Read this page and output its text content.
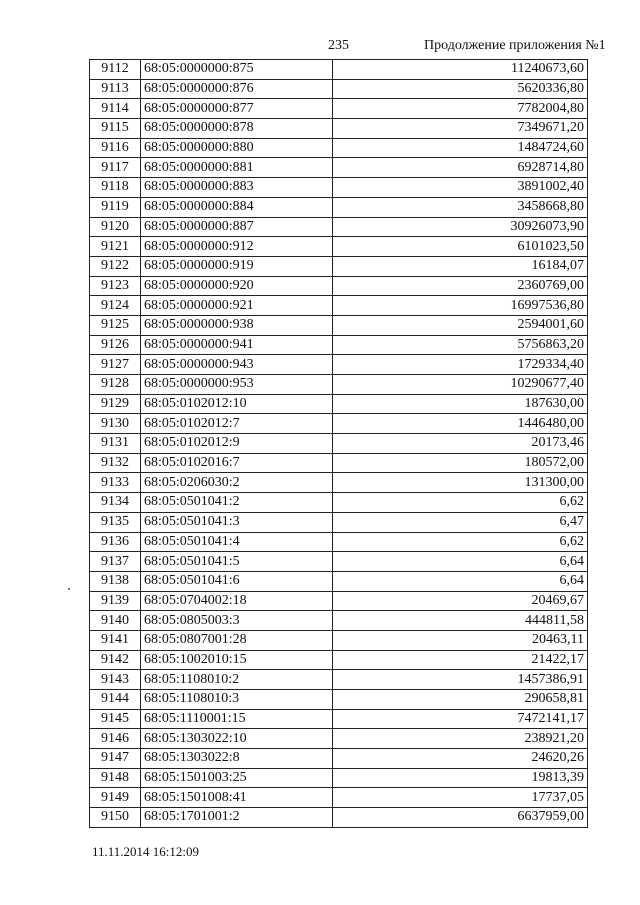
235	Продолжение приложения №1
9112	68:05:0000000:875	11240673,60
9113	68:05:0000000:876	5620336,80
9114	68:05:0000000:877	7782004,80
9115	68:05:0000000:878	7349671,20
9116	68:05:0000000:880	1484724,60
9117	68:05:0000000:881	6928714,80
9118	68:05:0000000:883	3891002,40
9119	68:05:0000000:884	3458668,80
9120	68:05:0000000:887	30926073,90
9121	68:05:0000000:912	6101023,50
9122	68:05:0000000:919	16184,07
9123	68:05:0000000:920	2360769,00
9124	68:05:0000000:921	16997536,80
9125	68:05:0000000:938	2594001,60
9126	68:05:0000000:941	5756863,20
9127	68:05:0000000:943	1729334,40
9128	68:05:0000000:953	10290677,40
9129	68:05:0102012:10	187630,00
9130	68:05:0102012:7	1446480,00
9131	68:05:0102012:9	20173,46
9132	68:05:0102016:7	180572,00
9133	68:05:0206030:2	131300,00
9134	68:05:0501041:2	6,62
9135	68:05:0501041:3	6,47
9136	68:05:0501041:4	6,62
9137	68:05:0501041:5	6,64
9138	68:05:0501041:6	6,64
9139	68:05:0704002:18	20469,67
9140	68:05:0805003:3	444811,58
9141	68:05:0807001:28	20463,11
9142	68:05:1002010:15	21422,17
9143	68:05:1108010:2	1457386,91
9144	68:05:1108010:3	290658,81
9145	68:05:1110001:15	7472141,17
9146	68:05:1303022:10	238921,20
9147	68:05:1303022:8	24620,26
9148	68:05:1501003:25	19813,39
9149	68:05:1501008:41	17737,05
9150	68:05:1701001:2	6637959,00
11.11.2014 16:12:09
